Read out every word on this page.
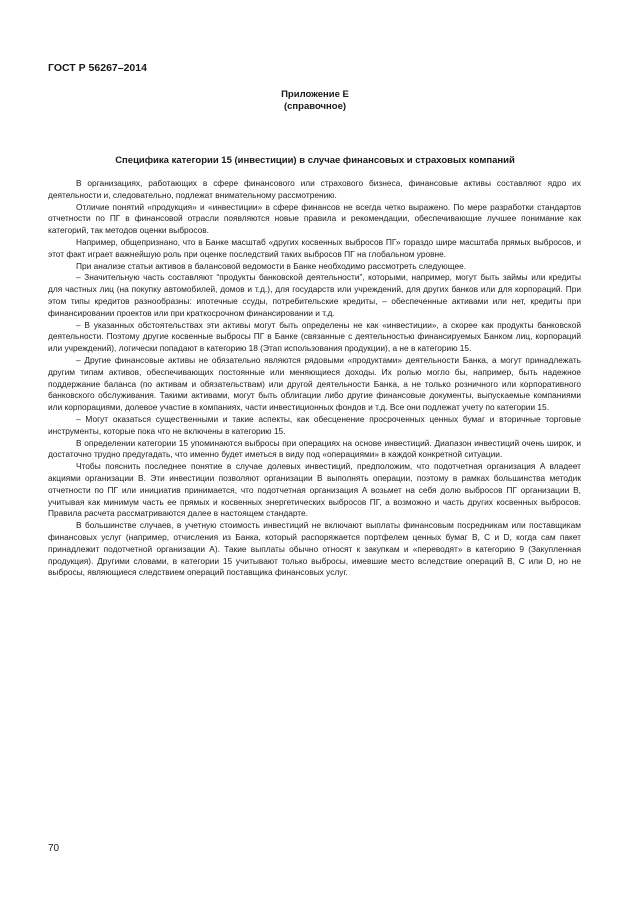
ГОСТ Р 56267–2014

Приложение Е
(справочное)
Специфика категории 15 (инвестиции) в случае финансовых и страховых компаний

В организациях, работающих в сфере финансового или страхового бизнеса, финансовые активы составляют ядро их деятельности и, следовательно, подлежат внимательному рассмотрению.

Отличие понятий «продукция» и «инвестиции» в сфере финансов не всегда четко выражено. По мере разработки стандартов отчетности по ПГ в финансовой отрасли появляются новые правила и рекомендации, обеспечивающие лучшее понимание как категорий, так методов оценки выбросов.

Например, общепризнано, что в Банке масштаб «других косвенных выбросов ПГ» гораздо шире масштаба прямых выбросов, и этот факт играет важнейшую роль при оценке последствий таких выбросов ПГ на глобальном уровне.

При анализе статьи активов в балансовой ведомости в Банке необходимо рассмотреть следующее.

– Значительную часть составляют “продукты банковской деятельности”, которыми, например, могут быть займы или кредиты для частных лиц (на покупку автомобилей, домов и т.д.), для государств или учреждений, для других банков или для корпораций. При этом типы кредитов разнообразны: ипотечные ссуды, потребительские кредиты, – обеспеченные активами или нет, кредиты при финансировании проектов или при краткосрочном финансировании и т.д.

– В указанных обстоятельствах эти активы могут быть определены не как «инвестиции», а скорее как продукты банковской деятельности. Поэтому другие косвенные выбросы ПГ в Банке (связанные с деятельностью финансируемых Банком лиц, корпораций или учреждений), логически попадают в категорию 18 (Этап использования продукции), а не в категорию 15.

– Другие финансовые активы не обязательно являются рядовыми «продуктами» деятельности Банка, а могут принадлежать другим типам активов, обеспечивающих постоянные или меняющиеся доходы. Их ролью могло бы, например, быть надежное поддержание баланса (по активам и обязательствам) или другой деятельности Банка, а не только розничного или корпоративного банковского обслуживания. Такими активами, могут быть облигации либо другие финансовые документы, выпускаемые компаниями или корпорациями, долевое участие в компаниях, части инвестиционных фондов и т.д. Все они подлежат учету по категории 15.

– Могут оказаться существенными и такие аспекты, как обесценение просроченных ценных бумаг и вторичные торговые инструменты, которые пока что не включены в категорию 15.

В определении категории 15 упоминаются выбросы при операциях на основе инвестиций. Диапазон инвестиций очень широк, и достаточно трудно предугадать, что именно будет иметься в виду под «операциями» в каждой конкретной ситуации.

Чтобы пояснить последнее понятие в случае долевых инвестиций, предположим, что подотчетная организация A владеет акциями организации B. Эти инвестиции позволяют организации B выполнять операции, поэтому в рамках большинства методик отчетности по ПГ или инициатив принимается, что подотчетная организация A возьмет на себя долю выбросов ПГ организации B, учитывая как минимум часть ее прямых и косвенных энергетических выбросов ПГ, а возможно и часть других косвенных выбросов. Правила расчета рассматриваются далее в настоящем стандарте.

В большинстве случаев, в учетную стоимость инвестиций не включают выплаты финансовым посредникам или поставщикам финансовых услуг (например, отчисления из Банка, который распоряжается портфелем ценных бумаг B, C и D, когда сам пакет принадлежит подотчетной организации A). Такие выплаты обычно относят к закупкам и «переводят» в категорию 9 (Закупленная продукция). Другими словами, в категории 15 учитывают только выбросы, имевшие место вследствие операций B, C или D, но не выбросы, являющиеся следствием операций поставщика финансовых услуг.

70
